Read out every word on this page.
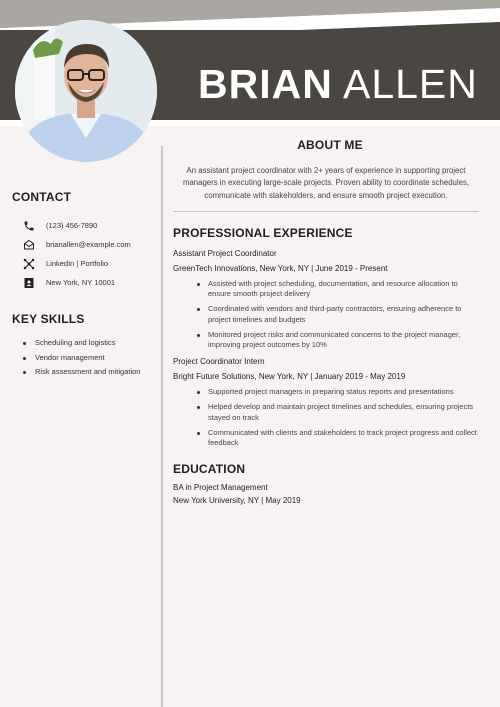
BRIAN ALLEN
CONTACT
(123) 456-7890
brianallen@example.com
LinkedIn | Portfolio
New York, NY 10001
KEY SKILLS
Scheduling and logistics
Vendor management
Risk assessment and mitigation
ABOUT ME
An assistant project coordinator with 2+ years of experience in supporting project managers in executing large-scale projects. Proven ability to coordinate schedules, communicate with stakeholders, and ensure smooth project execution.
PROFESSIONAL EXPERIENCE
Assistant Project Coordinator
GreenTech Innovations, New York, NY | June 2019 - Present
Assisted with project scheduling, documentation, and resource allocation to ensure smooth project delivery
Coordinated with vendors and third-party contractors, ensuring adherence to project timelines and budgets
Monitored project risks and communicated concerns to the project manager, improving project outcomes by 10%
Project Coordinator Intern
Bright Future Solutions, New York, NY | January 2019 - May 2019
Supported project managers in preparing status reports and presentations
Helped develop and maintain project timelines and schedules, ensuring projects stayed on track
Communicated with clients and stakeholders to track project progress and collect feedback
EDUCATION
BA in Project Management
New York University, NY | May 2019
